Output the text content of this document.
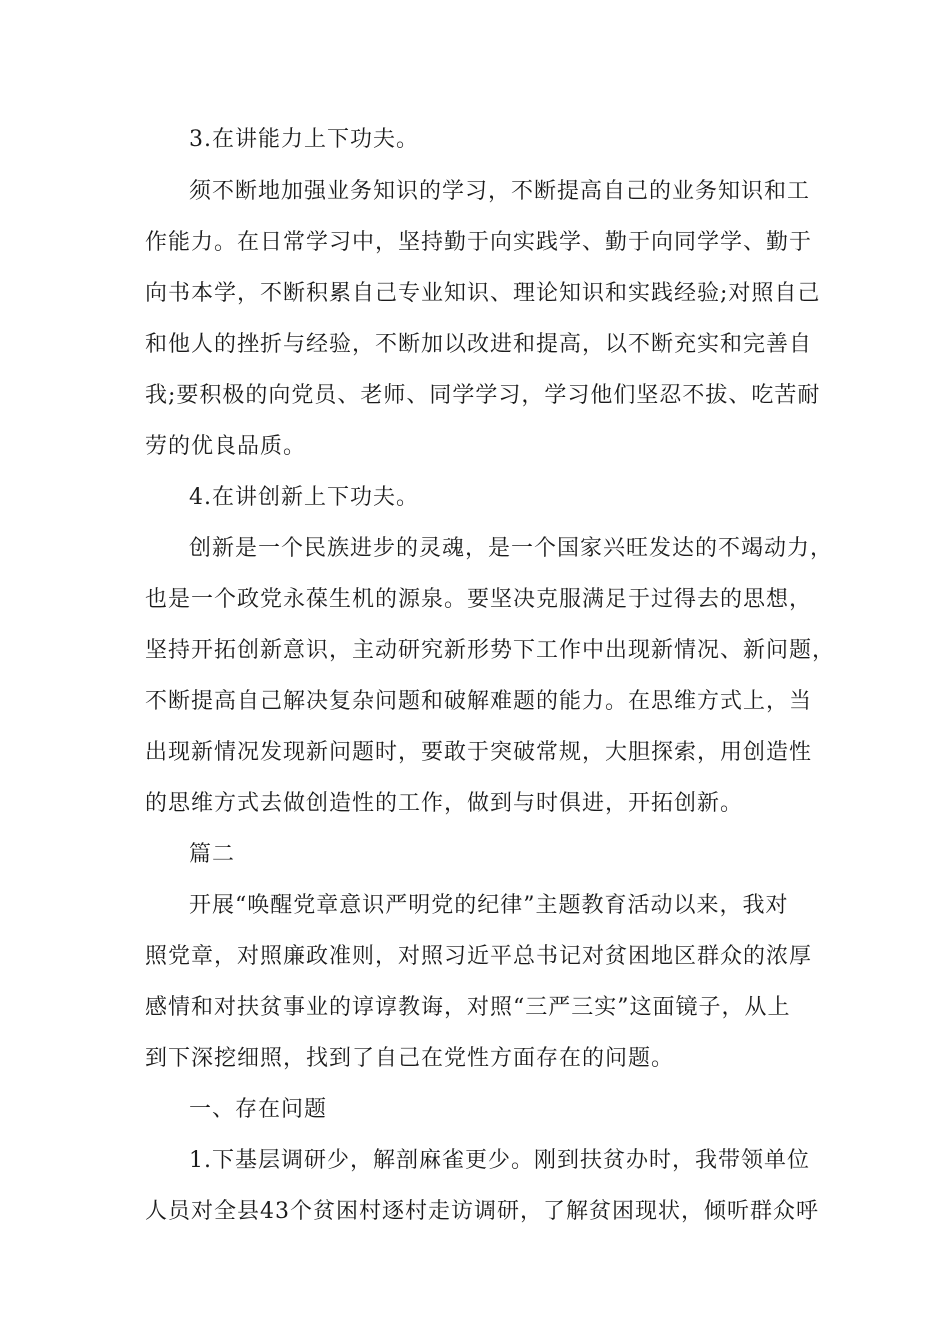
3.在讲能力上下功夫。
须不断地加强业务知识的学习，不断提高自己的业务知识和工
作能力。在日常学习中，坚持勤于向实践学、勤于向同学学、勤于
向书本学，不断积累自己专业知识、理论知识和实践经验;对照自己
和他人的挫折与经验，不断加以改进和提高，以不断充实和完善自
我;要积极的向党员、老师、同学学习，学习他们坚忍不拔、吃苦耐
劳的优良品质。
4.在讲创新上下功夫。
创新是一个民族进步的灵魂，是一个国家兴旺发达的不竭动力，
也是一个政党永葆生机的源泉。要坚决克服满足于过得去的思想，
坚持开拓创新意识，主动研究新形势下工作中出现新情况、新问题，
不断提高自己解决复杂问题和破解难题的能力。在思维方式上，当
出现新情况发现新问题时，要敢于突破常规，大胆探索，用创造性
的思维方式去做创造性的工作，做到与时俱进，开拓创新。
篇二
开展“唤醒党章意识严明党的纪律”主题教育活动以来，我对
照党章，对照廉政准则，对照习近平总书记对贫困地区群众的浓厚
感情和对扶贫事业的谆谆教诲，对照“三严三实”这面镜子，从上
到下深挖细照，找到了自己在党性方面存在的问题。
一、存在问题
1.下基层调研少，解剖麻雀更少。刚到扶贫办时，我带领单位
人员对全县43个贫困村逐村走访调研，了解贫困现状，倾听群众呼
